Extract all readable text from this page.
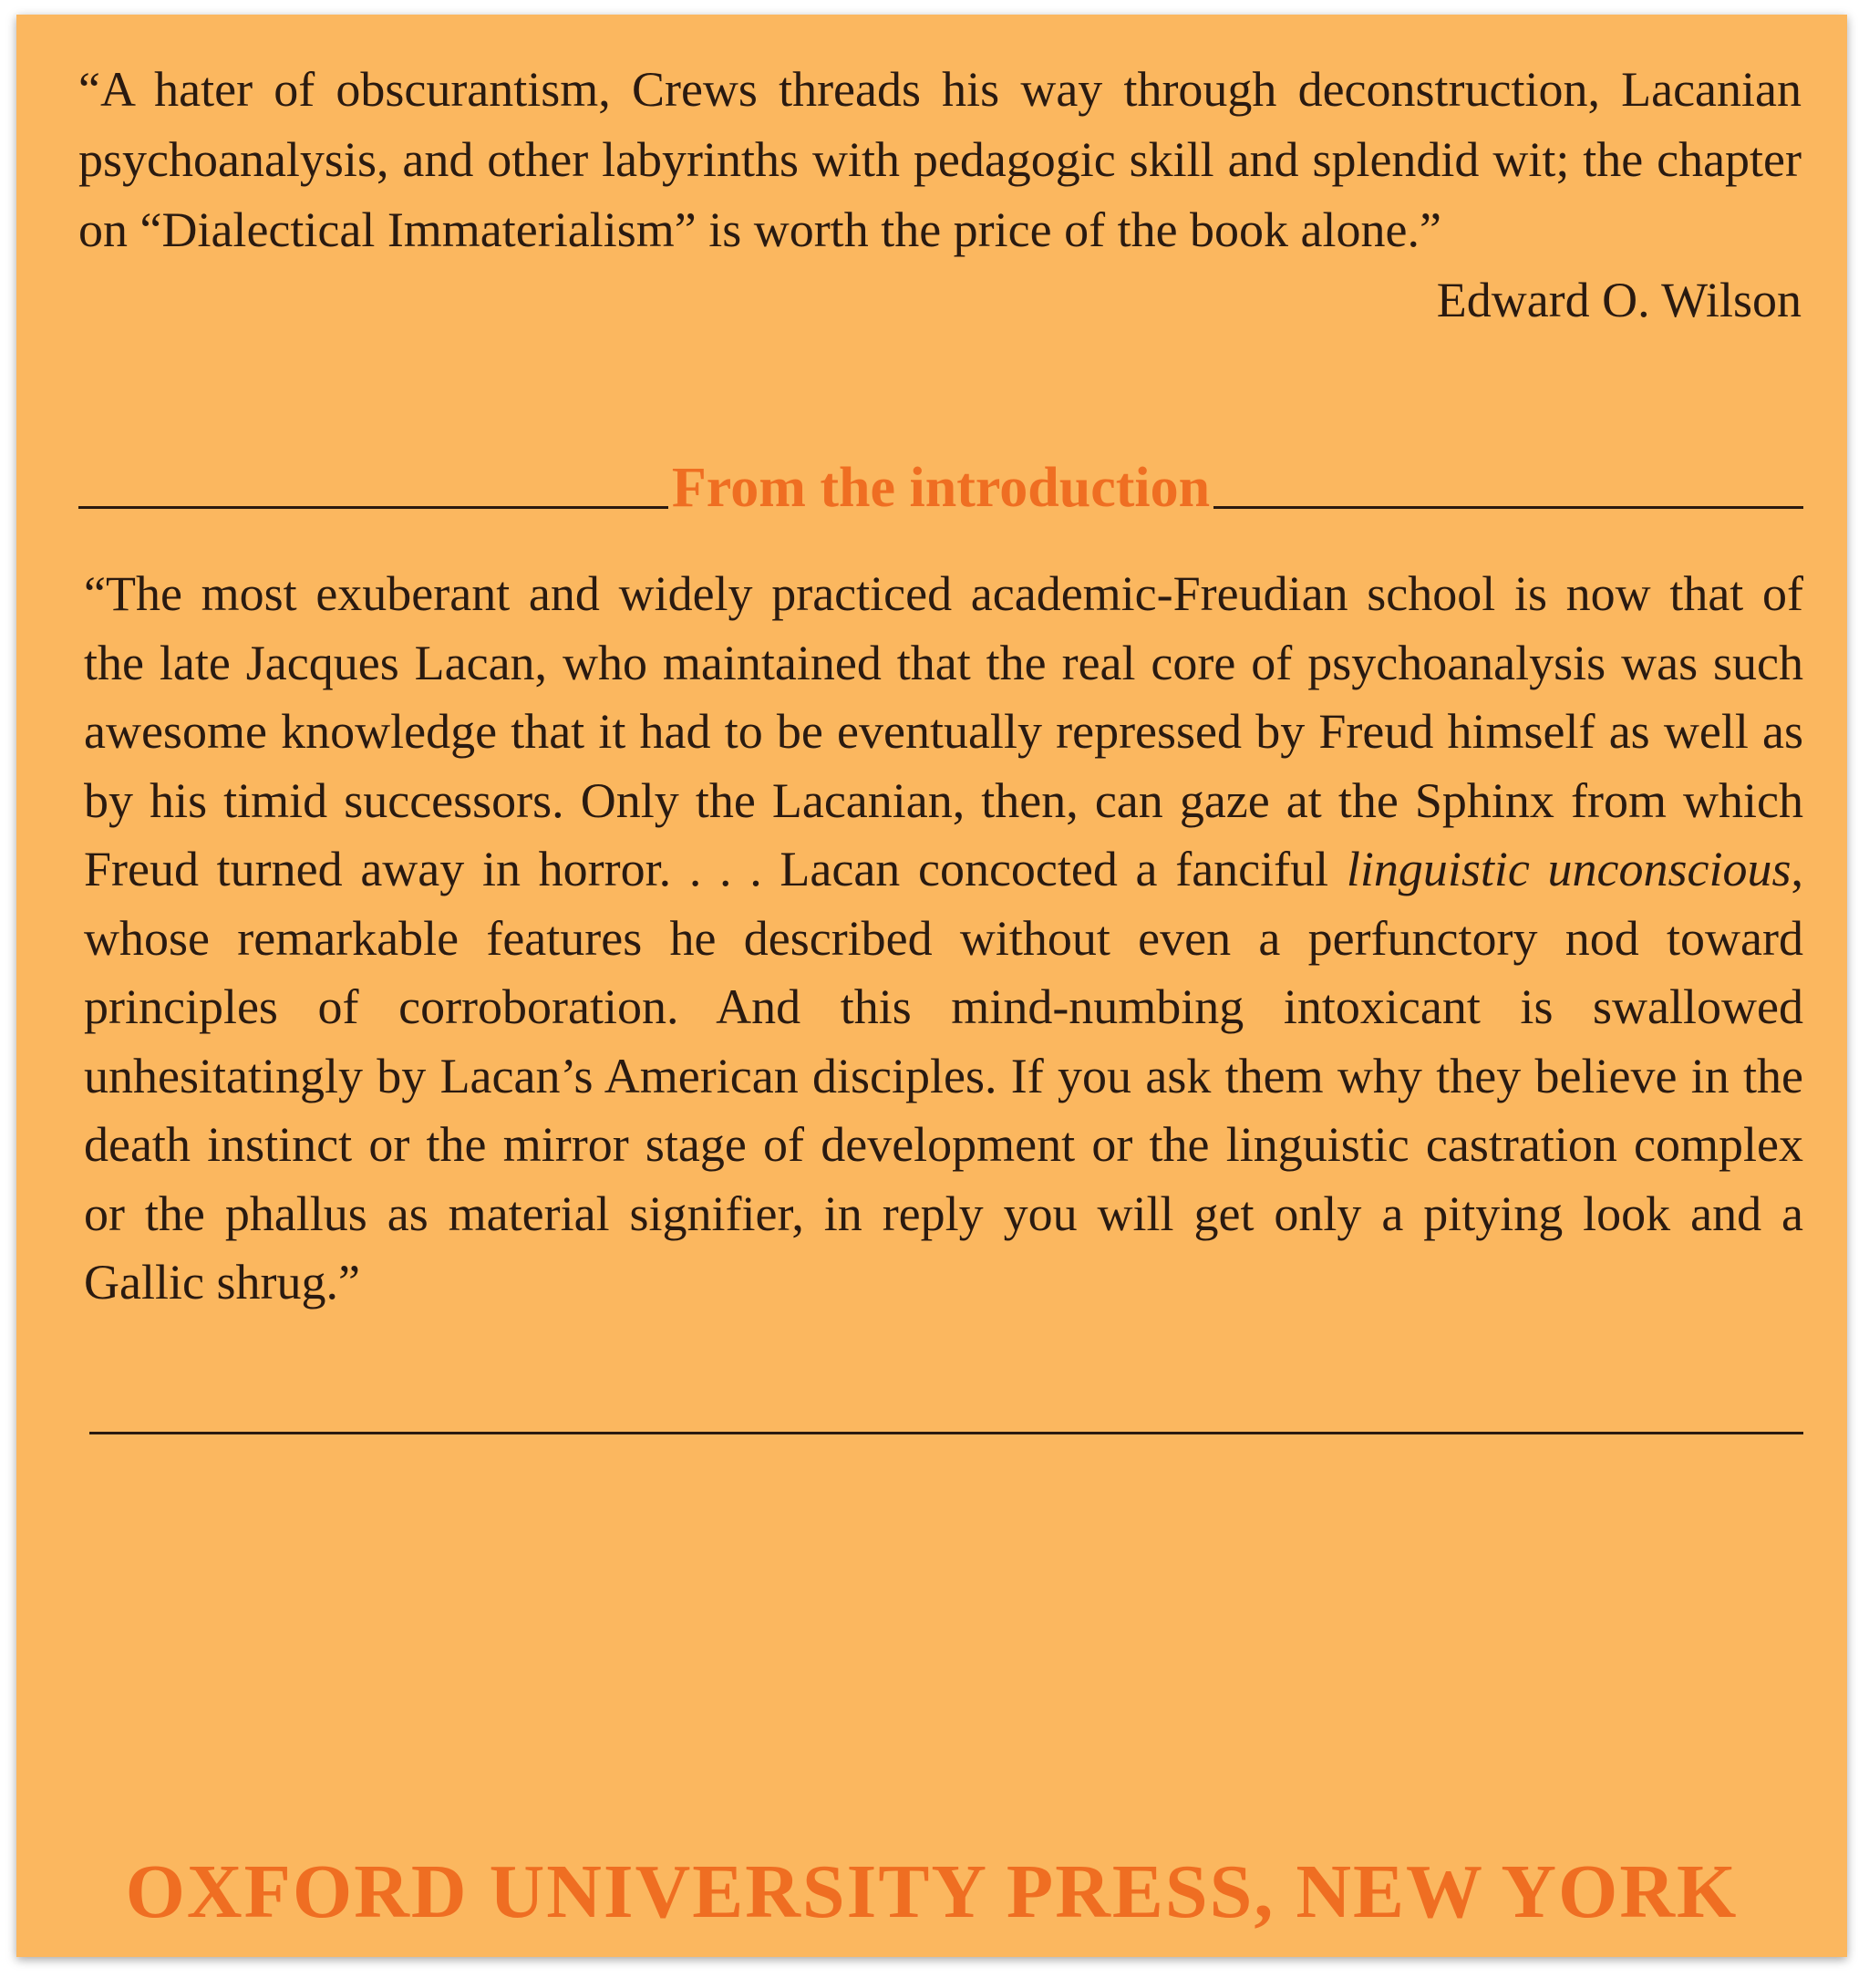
“A hater of obscurantism, Crews threads his way through deconstruction, Lacanian psychoanalysis, and other labyrinths with pedagogic skill and splendid wit; the chapter on “Dialectical Immaterialism” is worth the price of the book alone.”
Edward O. Wilson

From the introduction

“The most exuberant and widely practiced academic-Freudian school is now that of the late Jacques Lacan, who maintained that the real core of psychoanalysis was such awesome knowledge that it had to be eventually repressed by Freud himself as well as by his timid successors. Only the Lacanian, then, can gaze at the Sphinx from which Freud turned away in horror. . . . Lacan concocted a fanciful linguistic unconscious, whose remarkable features he described without even a perfunctory nod toward principles of corroboration. And this mind-numbing intoxicant is swallowed unhesitatingly by Lacan’s American disciples. If you ask them why they believe in the death instinct or the mirror stage of development or the linguistic castration complex or the phallus as material signifier, in reply you will get only a pitying look and a Gallic shrug.”

OXFORD UNIVERSITY PRESS, NEW YORK
